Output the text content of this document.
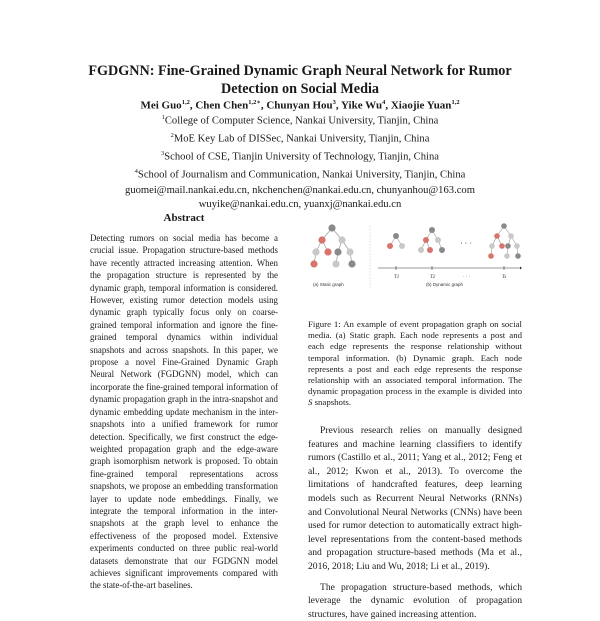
FGDGNN: Fine-Grained Dynamic Graph Neural Network for Rumor Detection on Social Media
Mei Guo$^{1,2}$, Chen Chen$^{1,2∗}$, Chunyan Hou$^3$, Yike Wu$^4$, Xiaojie Yuan$^{1,2}$
$^1$College of Computer Science, Nankai University, Tianjin, China
$^2$MoE Key Lab of DISSec, Nankai University, Tianjin, China
$^3$School of CSE, Tianjin University of Technology, Tianjin, China
$^4$School of Journalism and Communication, Nankai University, Tianjin, China
guomei@mail.nankai.edu.cn, nkchenchen@nankai.edu.cn, chunyanhou@163.com
wuyike@nankai.edu.cn, yuanxj@nankai.edu.cn
Abstract
Detecting rumors on social media has become a crucial issue. Propagation structure-based methods have recently attracted increasing attention. When the propagation structure is represented by the dynamic graph, temporal information is considered. However, existing rumor detection models using dynamic graph typically focus only on coarse-grained temporal information and ignore the fine-grained temporal dynamics within individual snapshots and across snapshots. In this paper, we propose a novel Fine-Grained Dynamic Graph Neural Network (FGDGNN) model, which can incorporate the fine-grained temporal information of dynamic propagation graph in the intra-snapshot and dynamic embedding update mechanism in the inter-snapshots into a unified framework for rumor detection. Specifically, we first construct the edge-weighted propagation graph and the edge-aware graph isomorphism network is proposed. To obtain fine-grained temporal representations across snapshots, we propose an embedding transformation layer to update node embeddings. Finally, we integrate the temporal information in the inter-snapshots at the graph level to enhance the effectiveness of the proposed model. Extensive experiments conducted on three public real-world datasets demonstrate that our FGDGNN model achieves significant improvements compared with the state-of-the-art baselines.
(a) Static graph
· · ·
T1	T2	· · ·	Ts
(b) Dynamic graph
Figure 1: An example of event propagation graph on social media. (a) Static graph. Each node represents a post and each edge represents the response relationship without temporal information. (b) Dynamic graph. Each node represents a post and each edge represents the response relationship with an associated temporal information. The dynamic propagation process in the example is divided into S snapshots.

Previous research relies on manually designed features and machine learning classifiers to identify rumors (Castillo et al., 2011; Yang et al., 2012; Feng et al., 2012; Kwon et al., 2013). To overcome the limitations of handcrafted features, deep learning models such as Recurrent Neural Networks (RNNs) and Convolutional Neural Networks (CNNs) have been used for rumor detection to automatically extract high-level representations from the content-based methods and propagation structure-based methods (Ma et al., 2016, 2018; Liu and Wu, 2018; Li et al., 2019).

The propagation structure-based methods, which leverage the dynamic evolution of propagation structures, have gained increasing attention.
